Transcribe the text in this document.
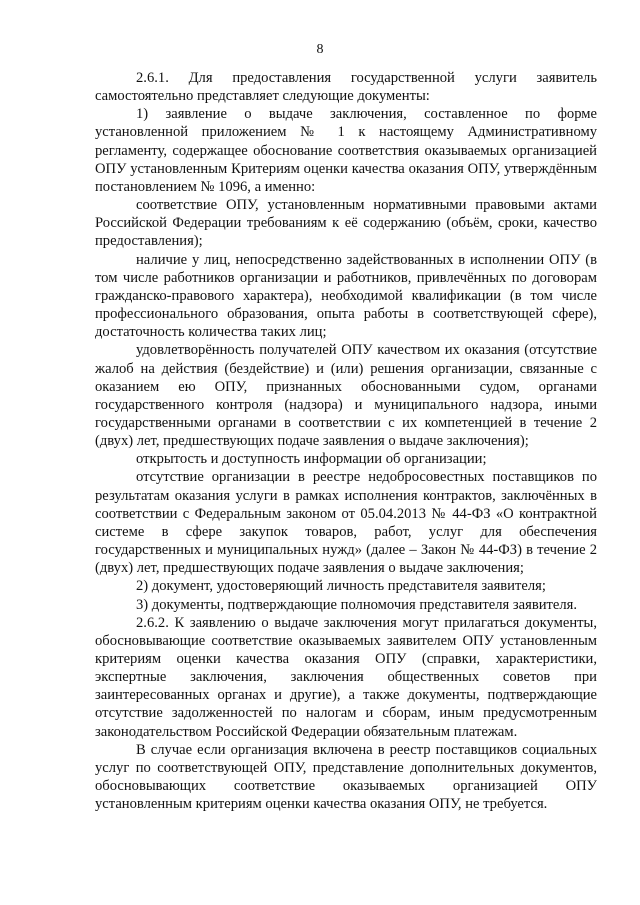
8

2.6.1. Для предоставления государственной услуги заявитель самостоятельно представляет следующие документы:

1) заявление о выдаче заключения, составленное по форме установленной приложением № 1 к настоящему Административному регламенту, содержащее обоснование соответствия оказываемых организацией ОПУ установленным Критериям оценки качества оказания ОПУ, утверждённым постановлением № 1096, а именно:

соответствие ОПУ, установленным нормативными правовыми актами Российской Федерации требованиям к её содержанию (объём, сроки, качество предоставления);

наличие у лиц, непосредственно задействованных в исполнении ОПУ (в том числе работников организации и работников, привлечённых по договорам гражданско-правового характера), необходимой квалификации (в том числе профессионального образования, опыта работы в соответствующей сфере), достаточность количества таких лиц;

удовлетворённость получателей ОПУ качеством их оказания (отсутствие жалоб на действия (бездействие) и (или) решения организации, связанные с оказанием ею ОПУ, признанных обоснованными судом, органами государственного контроля (надзора) и муниципального надзора, иными государственными органами в соответствии с их компетенцией в течение 2 (двух) лет, предшествующих подаче заявления о выдаче заключения);

открытость и доступность информации об организации;

отсутствие организации в реестре недобросовестных поставщиков по результатам оказания услуги в рамках исполнения контрактов, заключённых в соответствии с Федеральным законом от 05.04.2013 № 44-ФЗ «О контрактной системе в сфере закупок товаров, работ, услуг для обеспечения государственных и муниципальных нужд» (далее – Закон № 44-ФЗ) в течение 2 (двух) лет, предшествующих подаче заявления о выдаче заключения;

2) документ, удостоверяющий личность представителя заявителя;

3) документы, подтверждающие полномочия представителя заявителя.

2.6.2. К заявлению о выдаче заключения могут прилагаться документы, обосновывающие соответствие оказываемых заявителем ОПУ установленным критериям оценки качества оказания ОПУ (справки, характеристики, экспертные заключения, заключения общественных советов при заинтересованных органах и другие), а также документы, подтверждающие отсутствие задолженностей по налогам и сборам, иным предусмотренным законодательством Российской Федерации обязательным платежам.

В случае если организация включена в реестр поставщиков социальных услуг по соответствующей ОПУ, представление дополнительных документов, обосновывающих соответствие оказываемых организацией ОПУ установленным критериям оценки качества оказания ОПУ, не требуется.
